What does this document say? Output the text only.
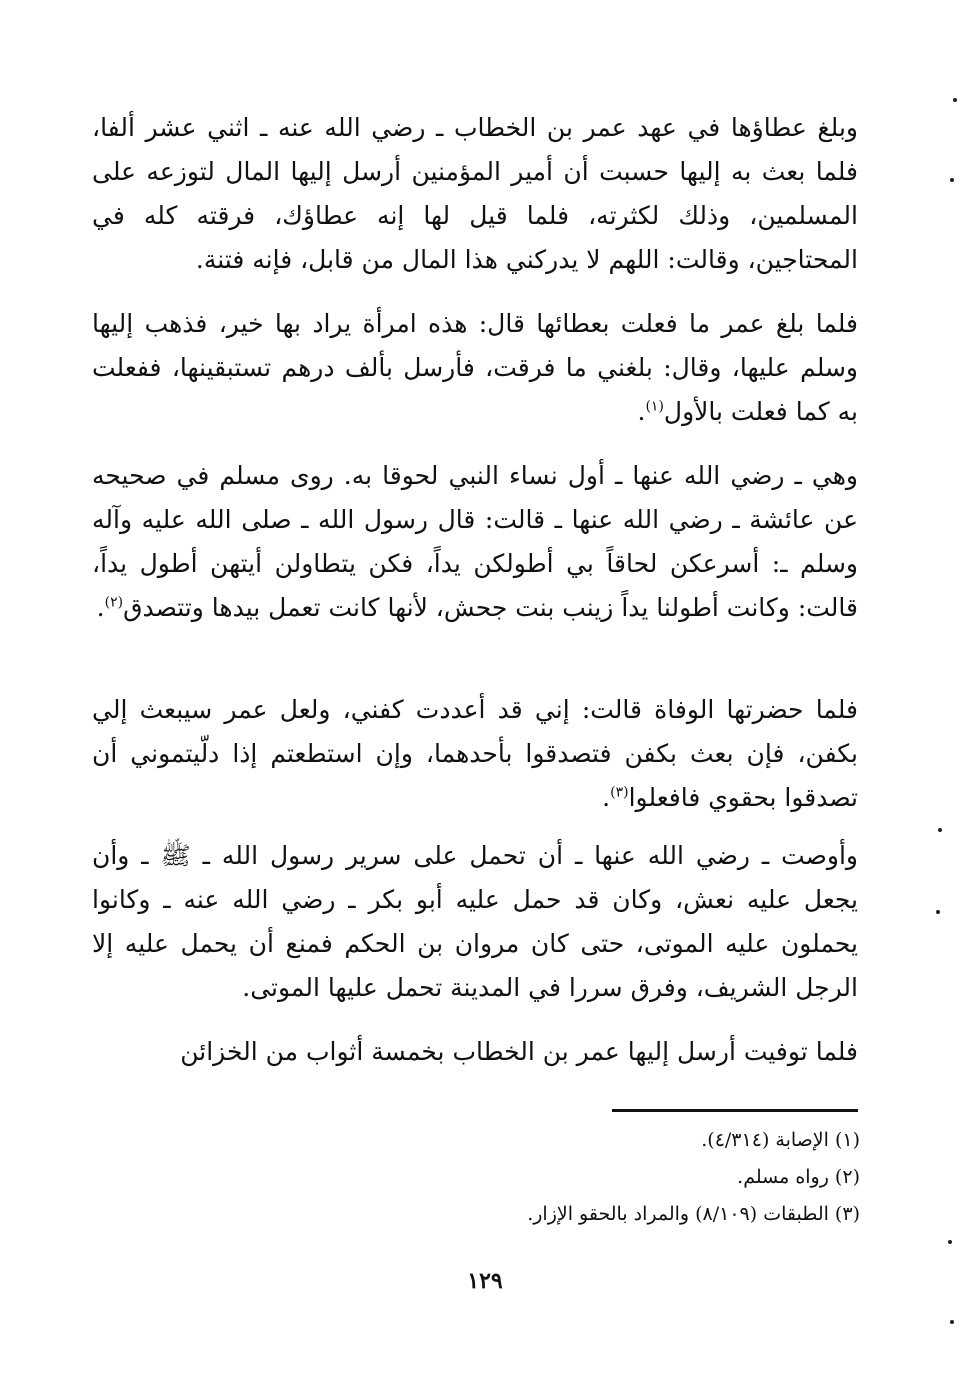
وبلغ عطاؤها في عهد عمر بن الخطاب ـ رضي الله عنه ـ اثني عشر ألفا، فلما بعث به إليها حسبت أن أمير المؤمنين أرسل إليها المال لتوزعه على المسلمين، وذلك لكثرته، فلما قيل لها إنه عطاؤك، فرقته كله في المحتاجين، وقالت: اللهم لا يدركني هذا المال من قابل، فإنه فتنة.

فلما بلغ عمر ما فعلت بعطائها قال: هذه امرأة يراد بها خير، فذهب إليها وسلم عليها، وقال: بلغني ما فرقت، فأرسل بألف درهم تستبقينها، ففعلت به كما فعلت بالأول$^{(١)}$.

وهي ـ رضي الله عنها ـ أول نساء النبي لحوقا به. روى مسلم في صحيحه عن عائشة ـ رضي الله عنها ـ قالت: قال رسول الله ـ صلى الله عليه وآله وسلم ـ: أسرعكن لحاقاً بي أطولكن يداً، فكن يتطاولن أيتهن أطول يداً، قالت: وكانت أطولنا يداً زينب بنت جحش، لأنها كانت تعمل بيدها وتتصدق$^{(٢)}$.

فلما حضرتها الوفاة قالت: إني قد أعددت كفني، ولعل عمر سيبعث إلي بكفن، فإن بعث بكفن فتصدقوا بأحدهما، وإن استطعتم إذا دلّيتموني أن تصدقوا بحقوي فافعلوا$^{(٣)}$.

وأوصت ـ رضي الله عنها ـ أن تحمل على سرير رسول الله ـ ﷺ ـ وأن يجعل عليه نعش، وكان قد حمل عليه أبو بكر ـ رضي الله عنه ـ وكانوا يحملون عليه الموتى، حتى كان مروان بن الحكم فمنع أن يحمل عليه إلا الرجل الشريف، وفرق سررا في المدينة تحمل عليها الموتى.

فلما توفيت أرسل إليها عمر بن الخطاب بخمسة أثواب من الخزائن

(١) الإصابة (٤/٣١٤).

(٢) رواه مسلم.

(٣) الطبقات (٨/١٠٩) والمراد بالحقو الإزار.

١٢٩
